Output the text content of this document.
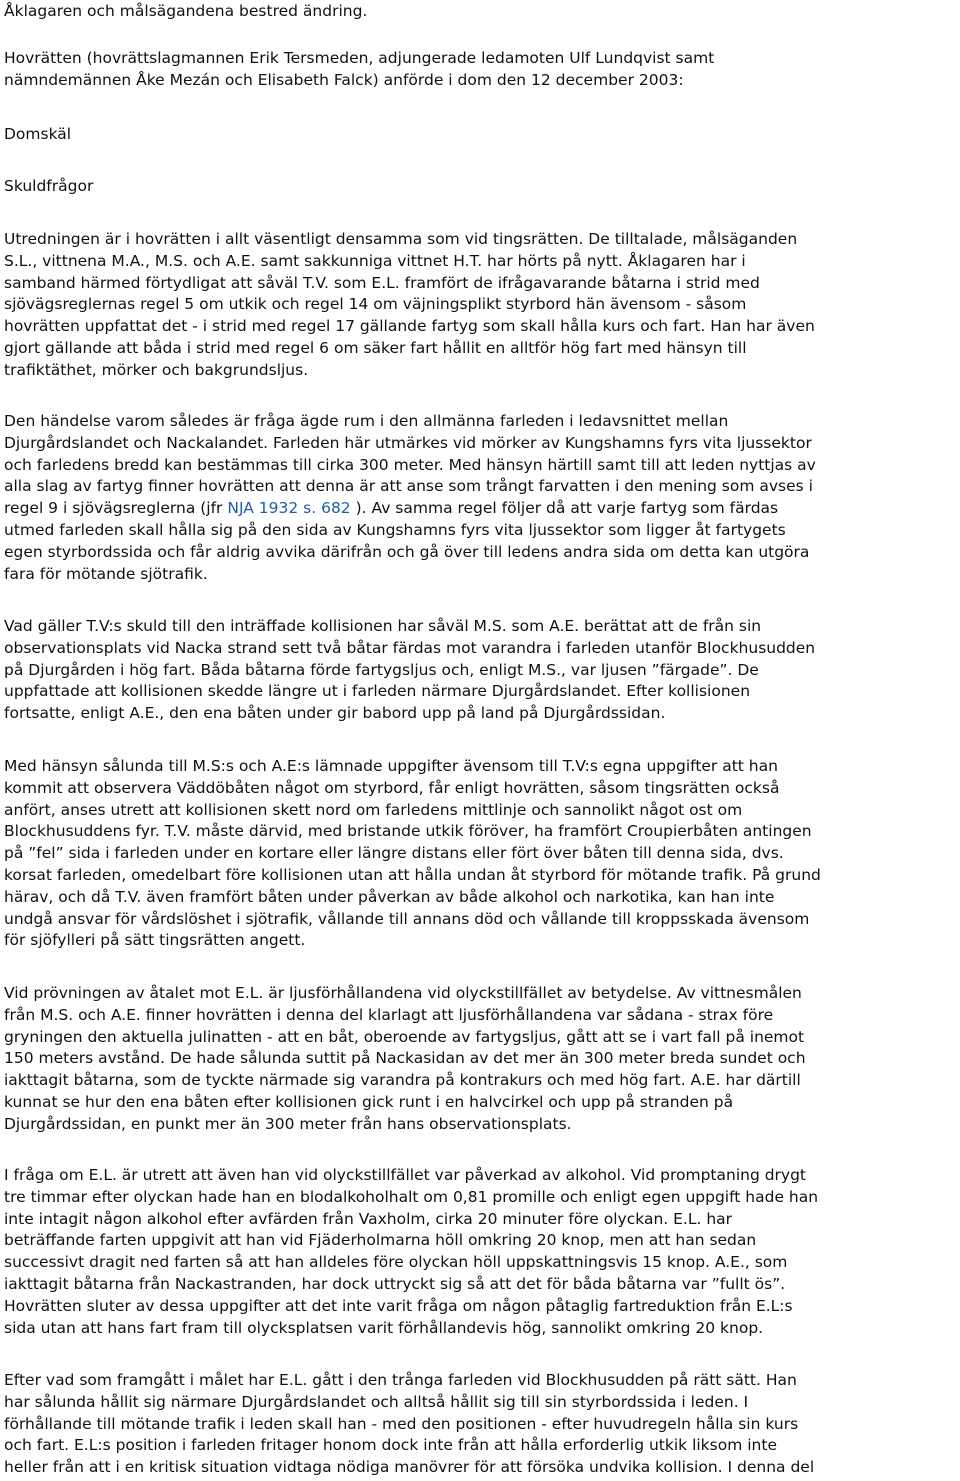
Åklagaren och målsägandena bestred ändring.

Hovrätten (hovrättslagmannen Erik Tersmeden, adjungerade ledamoten Ulf Lundqvist samt
nämndemännen Åke Mezán och Elisabeth Falck) anförde i dom den 12 december 2003:

Domskäl

Skuldfrågor

Utredningen är i hovrätten i allt väsentligt densamma som vid tingsrätten. De tilltalade, målsäganden
S.L., vittnena M.A., M.S. och A.E. samt sakkunniga vittnet H.T. har hörts på nytt. Åklagaren har i
samband härmed förtydligat att såväl T.V. som E.L. framfört de ifrågavarande båtarna i strid med
sjövägsreglernas regel 5 om utkik och regel 14 om väjningsplikt styrbord hän ävensom - såsom
hovrätten uppfattat det - i strid med regel 17 gällande fartyg som skall hålla kurs och fart. Han har även
gjort gällande att båda i strid med regel 6 om säker fart hållit en alltför hög fart med hänsyn till
trafiktäthet, mörker och bakgrundsljus.

Den händelse varom således är fråga ägde rum i den allmänna farleden i ledavsnittet mellan
Djurgårdslandet och Nackalandet. Farleden här utmärkes vid mörker av Kungshamns fyrs vita ljussektor
och farledens bredd kan bestämmas till cirka 300 meter. Med hänsyn härtill samt till att leden nyttjas av
alla slag av fartyg finner hovrätten att denna är att anse som trångt farvatten i den mening som avses i
regel 9 i sjövägsreglerna (jfr NJA 1932 s. 682 ). Av samma regel följer då att varje fartyg som färdas
utmed farleden skall hålla sig på den sida av Kungshamns fyrs vita ljussektor som ligger åt fartygets
egen styrbordssida och får aldrig avvika därifrån och gå över till ledens andra sida om detta kan utgöra
fara för mötande sjötrafik.

Vad gäller T.V:s skuld till den inträffade kollisionen har såväl M.S. som A.E. berättat att de från sin
observationsplats vid Nacka strand sett två båtar färdas mot varandra i farleden utanför Blockhusudden
på Djurgården i hög fart. Båda båtarna förde fartygsljus och, enligt M.S., var ljusen ”färgade”. De
uppfattade att kollisionen skedde längre ut i farleden närmare Djurgårdslandet. Efter kollisionen
fortsatte, enligt A.E., den ena båten under gir babord upp på land på Djurgårdssidan.

Med hänsyn sålunda till M.S:s och A.E:s lämnade uppgifter ävensom till T.V:s egna uppgifter att han
kommit att observera Väddöbåten något om styrbord, får enligt hovrätten, såsom tingsrätten också
anfört, anses utrett att kollisionen skett nord om farledens mittlinje och sannolikt något ost om
Blockhusuddens fyr. T.V. måste därvid, med bristande utkik föröver, ha framfört Croupierbåten antingen
på ”fel” sida i farleden under en kortare eller längre distans eller fört över båten till denna sida, dvs.
korsat farleden, omedelbart före kollisionen utan att hålla undan åt styrbord för mötande trafik. På grund
härav, och då T.V. även framfört båten under påverkan av både alkohol och narkotika, kan han inte
undgå ansvar för vårdslöshet i sjötrafik, vållande till annans död och vållande till kroppsskada ävensom
för sjöfylleri på sätt tingsrätten angett.

Vid prövningen av åtalet mot E.L. är ljusförhållandena vid olyckstillfället av betydelse. Av vittnesmålen
från M.S. och A.E. finner hovrätten i denna del klarlagt att ljusförhållandena var sådana - strax före
gryningen den aktuella julinatten - att en båt, oberoende av fartygsljus, gått att se i vart fall på inemot
150 meters avstånd. De hade sålunda suttit på Nackasidan av det mer än 300 meter breda sundet och
iakttagit båtarna, som de tyckte närmade sig varandra på kontrakurs och med hög fart. A.E. har därtill
kunnat se hur den ena båten efter kollisionen gick runt i en halvcirkel och upp på stranden på
Djurgårdssidan, en punkt mer än 300 meter från hans observationsplats.

I fråga om E.L. är utrett att även han vid olyckstillfället var påverkad av alkohol. Vid promptaning drygt
tre timmar efter olyckan hade han en blodalkoholhalt om 0,81 promille och enligt egen uppgift hade han
inte intagit någon alkohol efter avfärden från Vaxholm, cirka 20 minuter före olyckan. E.L. har
beträffande farten uppgivit att han vid Fjäderholmarna höll omkring 20 knop, men att han sedan
successivt dragit ned farten så att han alldeles före olyckan höll uppskattningsvis 15 knop. A.E., som
iakttagit båtarna från Nackastranden, har dock uttryckt sig så att det för båda båtarna var ”fullt ös”.
Hovrätten sluter av dessa uppgifter att det inte varit fråga om någon påtaglig fartreduktion från E.L:s
sida utan att hans fart fram till olycksplatsen varit förhållandevis hög, sannolikt omkring 20 knop.

Efter vad som framgått i målet har E.L. gått i den trånga farleden vid Blockhusudden på rätt sätt. Han
har sålunda hållit sig närmare Djurgårdslandet och alltså hållit sig till sin styrbordssida i leden. I
förhållande till mötande trafik i leden skall han - med den positionen - efter huvudregeln hålla sin kurs
och fart. E.L:s position i farleden fritager honom dock inte från att hålla erforderlig utkik liksom inte
heller från att i en kritisk situation vidtaga nödiga manövrer för att försöka undvika kollision. I denna del
